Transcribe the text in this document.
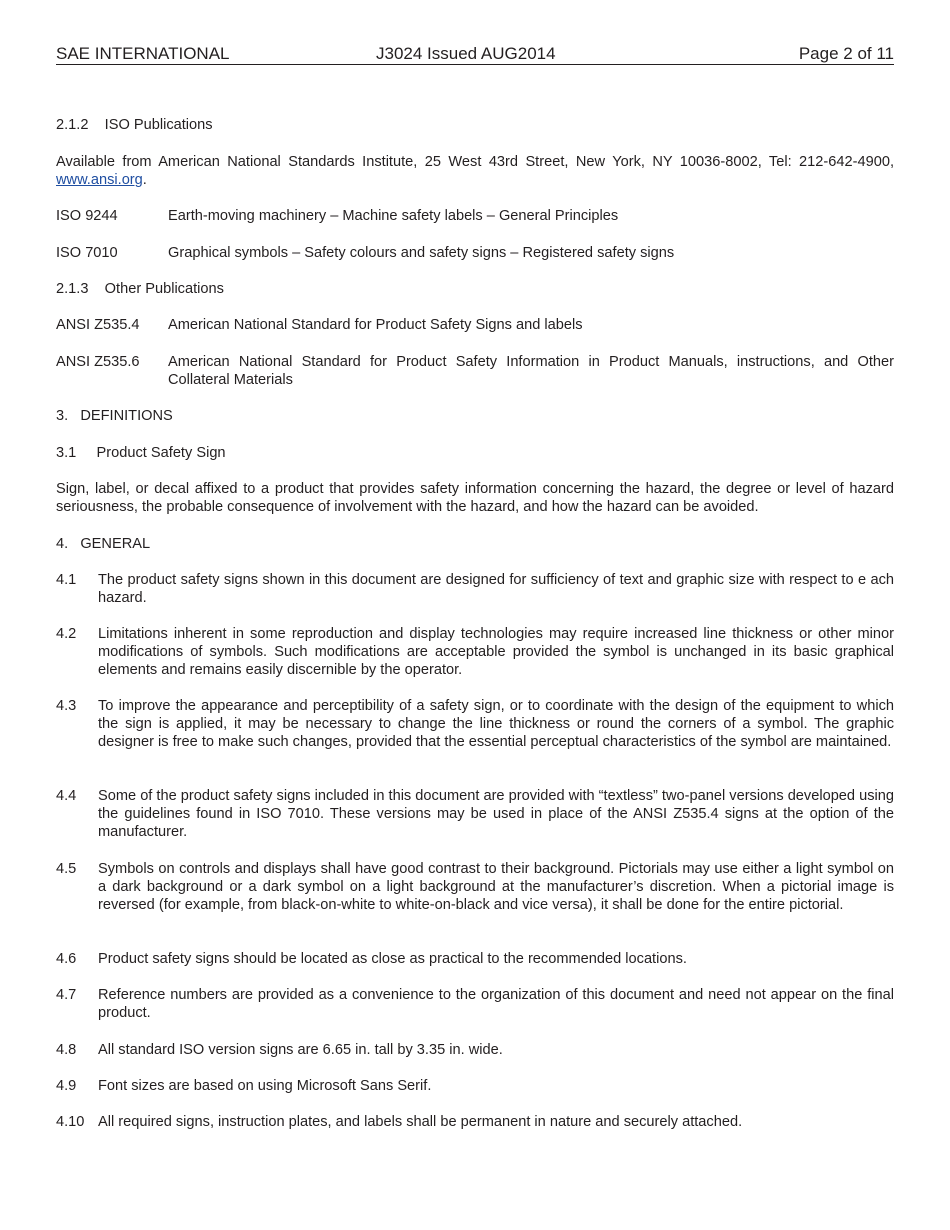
SAE INTERNATIONAL	J3024 Issued AUG2014	Page 2 of 11
2.1.2    ISO Publications
Available from American National Standards Institute, 25 West 43rd Street, New York, NY 10036-8002, Tel: 212-642-4900, www.ansi.org.
ISO 9244	Earth-moving machinery – Machine safety labels – General Principles
ISO 7010	Graphical symbols – Safety colours and safety signs – Registered safety signs
2.1.3    Other Publications
ANSI Z535.4 American National Standard for Product Safety Signs and labels
ANSI Z535.6 American National Standard for Product Safety Information in Product Manuals, instructions, and Other Collateral Materials
3.   DEFINITIONS
3.1     Product Safety Sign
Sign, label, or decal affixed to a product that provides safety information concerning the hazard, the degree or level of hazard seriousness, the probable consequence of involvement with the hazard, and how the hazard can be avoided.
4.   GENERAL
4.1 The product safety signs shown in this document are designed for sufficiency of text and graphic size with respect to e ach hazard.
4.2 Limitations inherent in some reproduction and display technologies may require increased line thickness or other minor modifications of symbols. Such modifications are acceptable provided the symbol is unchanged in its basic graphical elements and remains easily discernible by the operator.
4.3 To improve the appearance and perceptibility of a safety sign, or to coordinate with the design of the equipment to which the sign is applied, it may be necessary to change the line thickness or round the corners of a symbol. The graphic designer is free to make such changes, provided that the essential perceptual characteristics of the symbol are maintained.
4.4 Some of the product safety signs included in this document are provided with “textless” two-panel versions developed using the guidelines found in ISO 7010. These versions may be used in place of the ANSI Z535.4 signs at the option of the manufacturer.
4.5 Symbols on controls and displays shall have good contrast to their background. Pictorials may use either a light symbol on a dark background or a dark symbol on a light background at the manufacturer’s discretion. When a pictorial image is reversed (for example, from black-on-white to white-on-black and vice versa), it shall be done for the entire pictorial.
4.6 Product safety signs should be located as close as practical to the recommended locations.
4.7 Reference numbers are provided as a convenience to the organization of this document and need not appear on the final product.
4.8 All standard ISO version signs are 6.65 in. tall by 3.35 in. wide.
4.9 Font sizes are based on using Microsoft Sans Serif.
4.10 All required signs, instruction plates, and labels shall be permanent in nature and securely attached.
